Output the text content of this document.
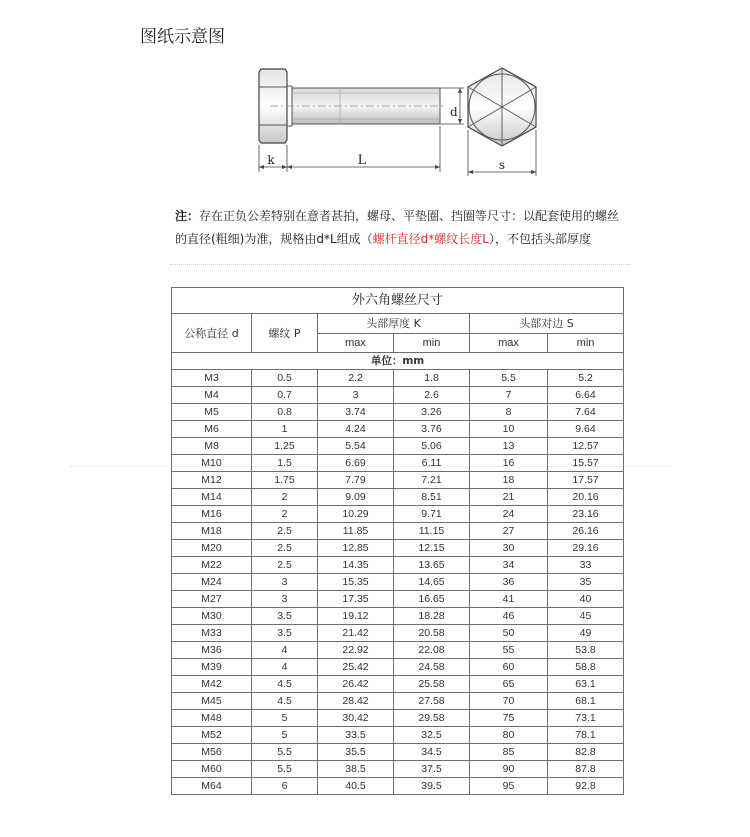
图纸示意图
k	L
d
s
注：存在正负公差特别在意者甚拍，螺母、平垫圈、挡圈等尺寸：以配套使用的螺丝的直径(粗细)为准，规格由d*L组成（螺杆直径d*螺纹长度L），不包括头部厚度
外六角螺丝尺寸					
公称直径 d	螺纹 P	头部厚度 K		头部对边 S	
		max	min	max	min
单位：mm					
M3	0.5	2.2	1.8	5.5	5.2
M4	0.7	3	2.6	7	6.64
M5	0.8	3.74	3.26	8	7.64
M6	1	4.24	3.76	10	9.64
M8	1.25	5.54	5.06	13	12.57
M10	1.5	6.69	6.11	16	15.57
M12	1.75	7.79	7.21	18	17.57
M14	2	9.09	8.51	21	20.16
M16	2	10.29	9.71	24	23.16
M18	2.5	11.85	11.15	27	26.16
M20	2.5	12.85	12.15	30	29.16
M22	2.5	14.35	13.65	34	33
M24	3	15.35	14.65	36	35
M27	3	17.35	16.65	41	40
M30	3.5	19.12	18.28	46	45
M33	3.5	21.42	20.58	50	49
M36	4	22.92	22.08	55	53.8
M39	4	25.42	24.58	60	58.8
M42	4.5	26.42	25.58	65	63.1
M45	4.5	28.42	27.58	70	68.1
M48	5	30.42	29.58	75	73.1
M52	5	33.5	32.5	80	78.1
M56	5.5	35.5	34.5	85	82.8
M60	5.5	38.5	37.5	90	87.8
M64	6	40.5	39.5	95	92.8
